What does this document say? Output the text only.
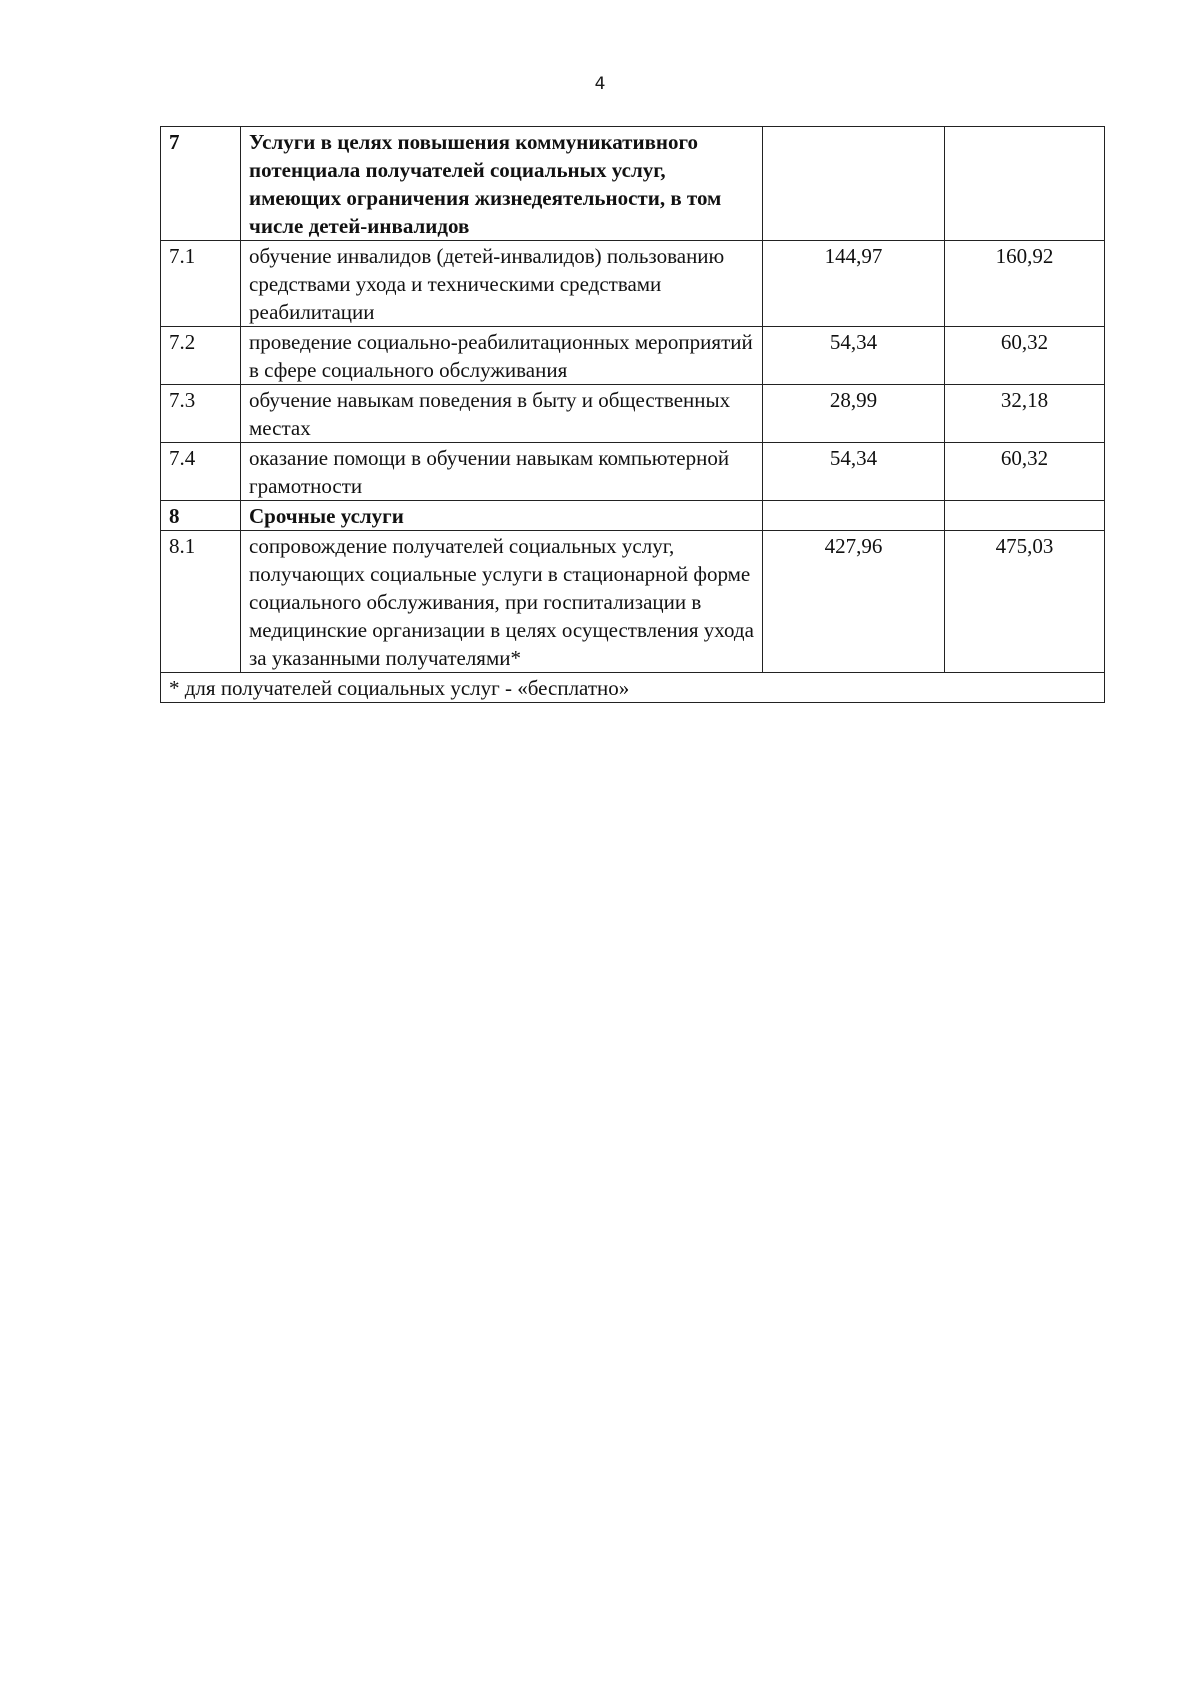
4
7	Услуги в целях повышения коммуникативного потенциала получателей социальных услуг, имеющих ограничения жизнедеятельности, в том числе детей-инвалидов		
7.1	обучение инвалидов (детей-инвалидов) пользованию средствами ухода и техническими средствами реабилитации	144,97	160,92
7.2	проведение социально-реабилитационных мероприятий в сфере социального обслуживания	54,34	60,32
7.3	обучение навыкам поведения в быту и общественных местах	28,99	32,18
7.4	оказание помощи в обучении навыкам компьютерной грамотности	54,34	60,32
8	Срочные услуги		
8.1	сопровождение получателей социальных услуг, получающих социальные услуги в стационарной форме социального обслуживания, при госпитализации в медицинские организации в целях осуществления ухода за указанными получателями*	427,96	475,03
* для получателей социальных услуг - «бесплатно»			
